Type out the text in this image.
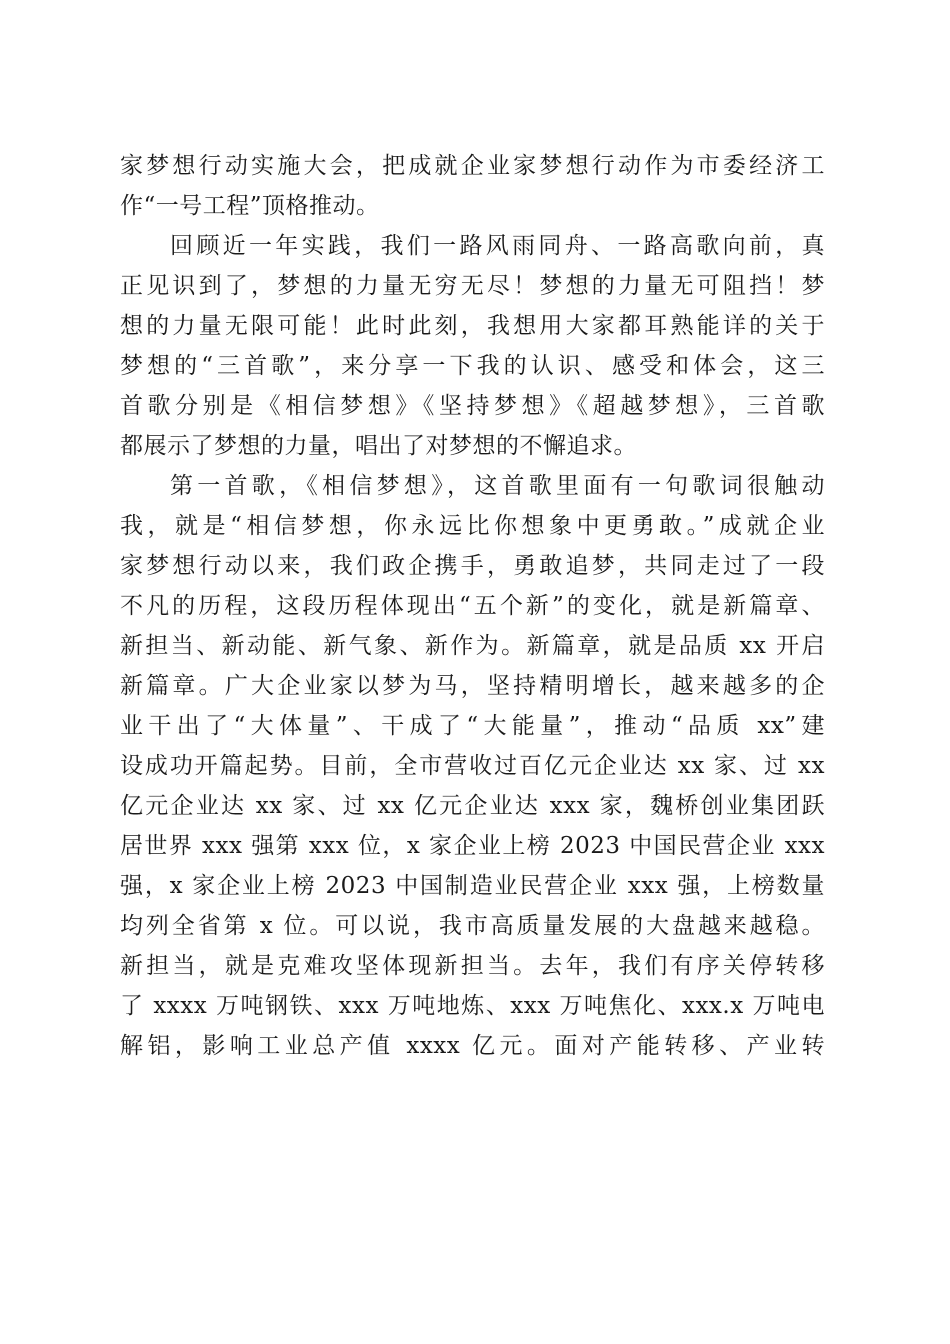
家梦想行动实施大会，把成就企业家梦想行动作为市委经济工
作“一号工程”顶格推动。
回顾近一年实践，我们一路风雨同舟、一路高歌向前，真
正见识到了，梦想的力量无穷无尽！梦想的力量无可阻挡！梦
想的力量无限可能！此时此刻，我想用大家都耳熟能详的关于
梦想的“三首歌”，来分享一下我的认识、感受和体会，这三
首歌分别是《相信梦想》《坚持梦想》《超越梦想》，三首歌
都展示了梦想的力量，唱出了对梦想的不懈追求。
第一首歌，《相信梦想》，这首歌里面有一句歌词很触动
我，就是“相信梦想，你永远比你想象中更勇敢。”成就企业
家梦想行动以来，我们政企携手，勇敢追梦，共同走过了一段
不凡的历程，这段历程体现出“五个新”的变化，就是新篇章、
新担当、新动能、新气象、新作为。新篇章，就是品质 xx 开启
新篇章。广大企业家以梦为马，坚持精明增长，越来越多的企
业干出了“大体量”、干成了“大能量”，推动“品质 xx”建
设成功开篇起势。目前，全市营收过百亿元企业达 xx 家、过 xx
亿元企业达 xx 家、过 xx 亿元企业达 xxx 家，魏桥创业集团跃
居世界 xxx 强第 xxx 位，x 家企业上榜 2023 中国民营企业 xxx
强，x 家企业上榜 2023 中国制造业民营企业 xxx 强，上榜数量
均列全省第 x 位。可以说，我市高质量发展的大盘越来越稳。
新担当，就是克难攻坚体现新担当。去年，我们有序关停转移
了 xxxx 万吨钢铁、xxx 万吨地炼、xxx 万吨焦化、xxx.x 万吨电
解铝，影响工业总产值 xxxx 亿元。面对产能转移、产业转
